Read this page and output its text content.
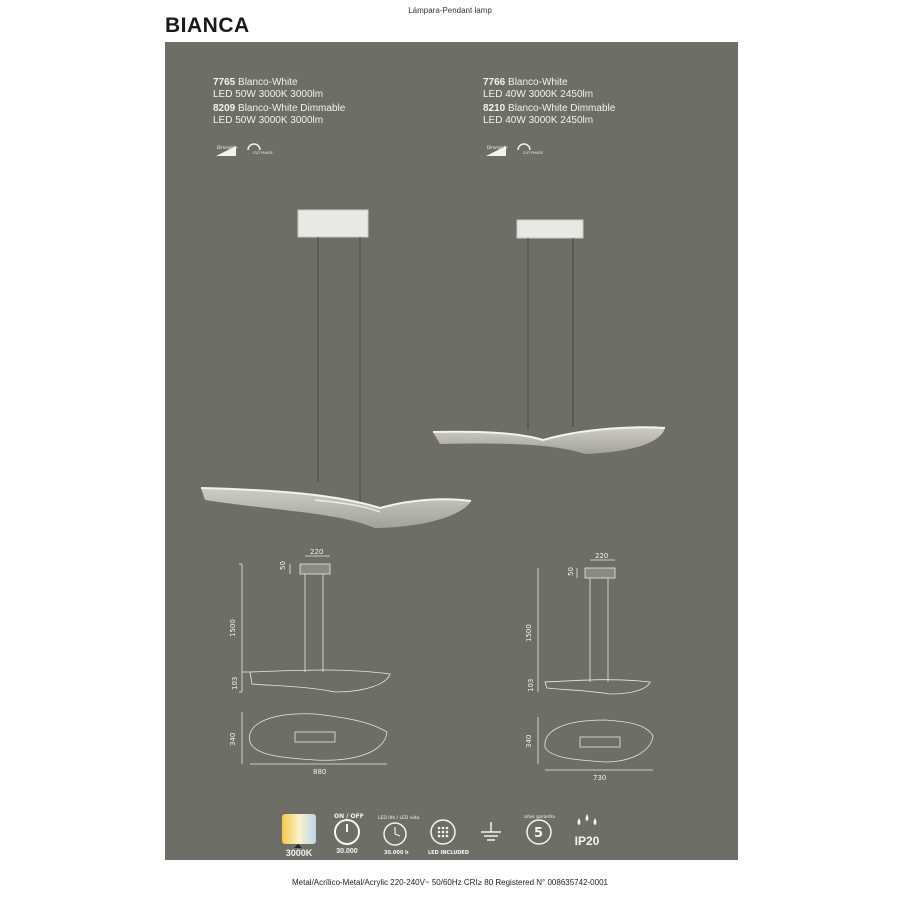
Lámpara-Pendant lamp
BIANCA
7765 Blanco-White
LED 50W 3000K 3000lm
8209 Blanco-White Dimmable
LED 50W 3000K 3000lm
Dimmable
CUT PHASE
7766 Blanco-White
LED 40W 3000K 2450lm
8210 Blanco-White Dimmable
LED 40W 3000K 2450lm
Dimmable
CUT PHASE
220
50
1500
103
340
880
220
50
1500
103
340
730
3000K
ON / OFF
30.000
LED life / LED vida
30.000 h	LED INCLUDED
5
años garantía
IP20
Metal/Acrílico-Metal/Acrylic 220-240V~ 50/60Hz CRI≥ 80 Registered N° 008635742-0001
